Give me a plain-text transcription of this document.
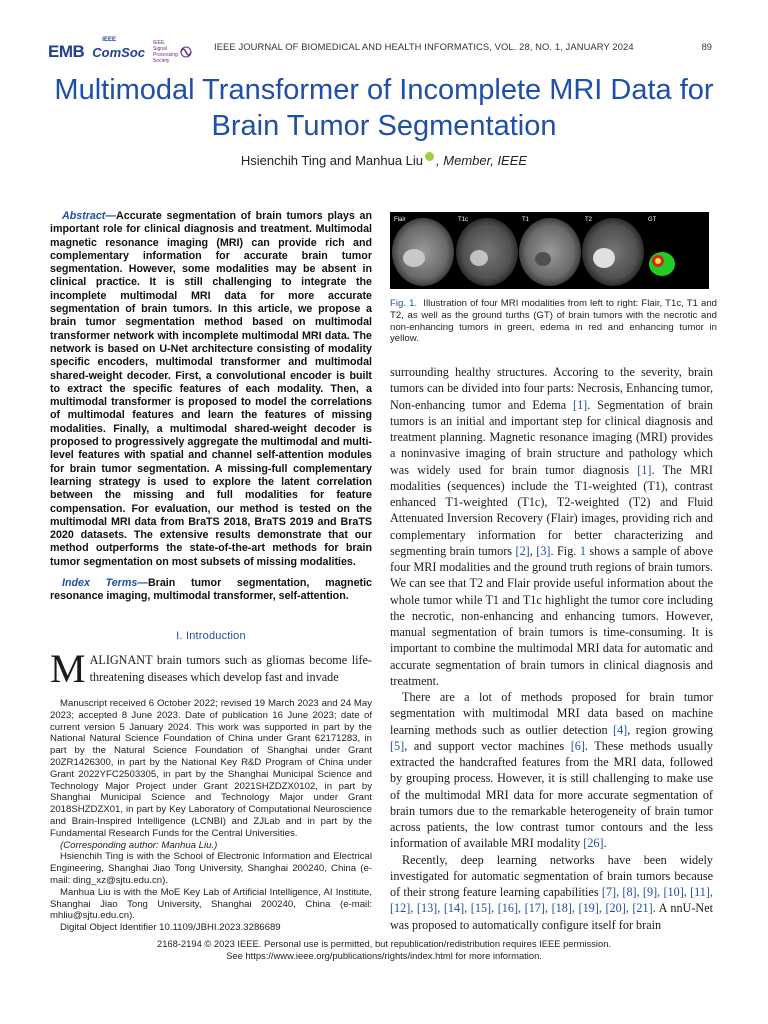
EMB
IEEE
ComSoc
IEEE
Signal
Processing
Society
IEEE JOURNAL OF BIOMEDICAL AND HEALTH INFORMATICS, VOL. 28, NO. 1, JANUARY 2024	89
Multimodal Transformer of Incomplete MRI Data for Brain Tumor Segmentation
Hsienchih Ting and Manhua Liu , Member, IEEE
Abstract—Accurate segmentation of brain tumors plays an important role for clinical diagnosis and treatment. Multimodal magnetic resonance imaging (MRI) can provide rich and complementary information for accurate brain tumor segmentation. However, some modalities may be absent in clinical practice. It is still challenging to integrate the incomplete multimodal MRI data for more accurate segmentation of brain tumors. In this article, we propose a brain tumor segmentation method based on multimodal transformer network with incomplete multimodal MRI data. The network is based on U-Net architecture consisting of modality specific encoders, multimodal transformer and multimodal shared-weight decoder. First, a convolutional encoder is built to extract the specific features of each modality. Then, a multimodal transformer is proposed to model the correlations of multimodal features and learn the features of missing modalities. Finally, a multimodal shared-weight decoder is proposed to progressively aggregate the multimodal and multi-level features with spatial and channel self-attention modules for brain tumor segmentation. A missing-full complementary learning strategy is used to explore the latent correlation between the missing and full modalities for feature compensation. For evaluation, our method is tested on the multimodal MRI data from BraTS 2018, BraTS 2019 and BraTS 2020 datasets. The extensive results demonstrate that our method outperforms the state-of-the-art methods for brain tumor segmentation on most subsets of missing modalities.
Index Terms—Brain tumor segmentation, magnetic resonance imaging, multimodal transformer, self-attention.
I. Introduction
MALIGNANT brain tumors such as gliomas become life-threatening diseases which develop fast and invade

Manuscript received 6 October 2022; revised 19 March 2023 and 24 May 2023; accepted 8 June 2023. Date of publication 16 June 2023; date of current version 5 January 2024. This work was supported in part by the National Natural Science Foundation of China under Grant 62171283, in part by the Natural Science Foundation of Shanghai under Grant 20ZR1426300, in part by the National Key R&D Program of China under Grant 2022YFC2503305, in part by the Shanghai Municipal Science and Technology Major Project under Grant 2021SHZDZX0102, in part by Shanghai Municipal Science and Technology Major under Grant 2018SHZDZX01, in part by Key Laboratory of Computational Neuroscience and Brain-Inspired Intelligence (LCNBI) and ZJLab and in part by the Fundamental Research Funds for the Central Universities.

(Corresponding author: Manhua Liu.)

Hsienchih Ting is with the School of Electronic Information and Electrical Engineering, Shanghai Jiao Tong University, Shanghai 200240, China (e-mail: ding_xz@sjtu.edu.cn).

Manhua Liu is with the MoE Key Lab of Artificial Intelligence, AI Institute, Shanghai Jiao Tong University, Shanghai 200240, China (e-mail: mhliu@sjtu.edu.cn).

Digital Object Identifier 10.1109/JBHI.2023.3286689

Flair	T1c	T1	T2	GT
Fig. 1. Illustration of four MRI modalities from left to right: Flair, T1c, T1 and T2, as well as the ground turths (GT) of brain tumors with the necrotic and non-enhancing tumors in green, edema in red and enhancing tumor in yellow.

surrounding healthy structures. Accoring to the severity, brain tumors can be divided into four parts: Necrosis, Enhancing tumor, Non-enhancing tumor and Edema [1]. Segmentation of brain tumors is an initial and important step for clinical diagnosis and treatment planning. Magnetic resonance imaging (MRI) provides a noninvasive imaging of brain structure and pathology which was widely used for brain tumor diagnosis [1]. The MRI modalities (sequences) include the T1-weighted (T1), contrast enhanced T1-weighted (T1c), T2-weighted (T2) and Fluid Attenuated Inversion Recovery (Flair) images, providing rich and complementary information for better characterizing and segmenting brain tumors [2], [3]. Fig. 1 shows a sample of above four MRI modalities and the ground truth regions of brain tumors. We can see that T2 and Flair provide useful information about the whole tumor while T1 and T1c highlight the tumor core including the necrotic, non-enhancing and enhancing tumors. However, manual segmentation of brain tumors is time-consuming. It is important to combine the multimodal MRI data for automatic and accurate segmentation of brain tumors in clinical diagnosis and treatment.

There are a lot of methods proposed for brain tumor segmentation with multimodal MRI data based on machine learning methods such as outlier detection [4], region growing [5], and support vector machines [6]. These methods usually extracted the handcrafted features from the MRI data, followed by grouping process. However, it is still challenging to make use of the multimodal MRI data for more accurate segmentation of brain tumors due to the remarkable heterogeneity of brain tumor across patients, the low contrast tumor contours and the less information of available MRI modality [26].

Recently, deep learning networks have been widely investigated for automatic segmentation of brain tumors because of their strong feature learning capabilities [7], [8], [9], [10], [11], [12], [13], [14], [15], [16], [17], [18], [19], [20], [21]. A nnU-Net was proposed to automatically configure itself for brain

2168-2194 © 2023 IEEE. Personal use is permitted, but republication/redistribution requires IEEE permission.
See https://www.ieee.org/publications/rights/index.html for more information.
